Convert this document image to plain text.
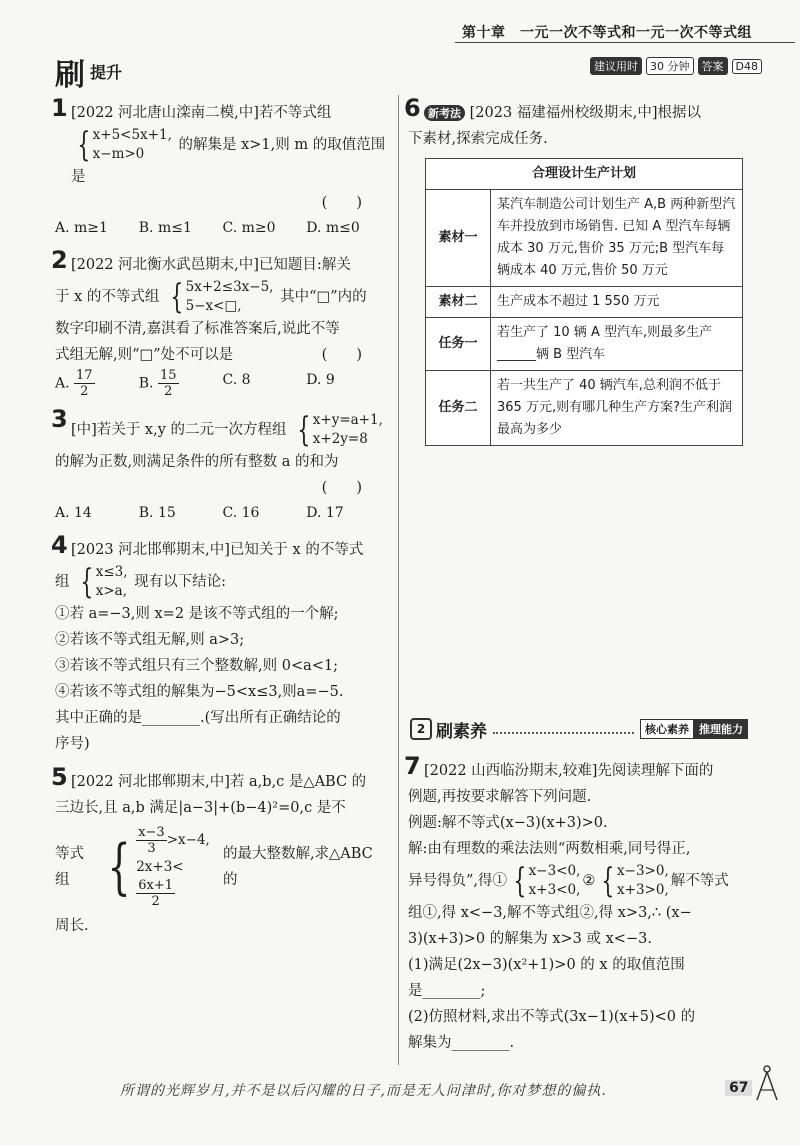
第十章　一元一次不等式和一元一次不等式组
刷 提升	建议用时	30 分钟	答案	D48
1 [2022 河北唐山滦南二模,中]若不等式组
{ x+5<5x+1,
x−m>0
的解集是 x>1,则 m 的取值范围是
(　　)
A. m≥1	B. m≤1	C. m≥0	D. m≤0
2 [2022 河北衡水武邑期末,中]已知题目:解关
于 x 的不等式组 { 5x+2≤3x−5,
5−x<□,
其中“□”内的
数字印刷不清,嘉淇看了标准答案后,说此不等
式组无解,则“□”处不可以是	(　　)
A. $\frac{17}{2}$	B. $\frac{15}{2}$	C. 8	D. 9
3 [中]若关于 x,y 的二元一次方程组 { x+y=a+1,
x+2y=8
的解为正数,则满足条件的所有整数 a 的和为
(　　)
A. 14	B. 15	C. 16	D. 17
4 [2023 河北邯郸期末,中]已知关于 x 的不等式
组 { x≤3,
x>a,
现有以下结论:
①若 a=−3,则 x=2 是该不等式组的一个解;
②若该不等式组无解,则 a>3;
③若该不等式组只有三个整数解,则 0<a<1;
④若该不等式组的解集为−5<x≤3,则a=−5.
其中正确的是________.(写出所有正确结论的
序号)
5 [2022 河北邯郸期末,中]若 a,b,c 是△ABC 的
三边长,且 a,b 满足|a−3|+(b−4)²=0,c 是不
等式组 { $\frac{x-3}{3} >x-4$,
2x+3<
$\frac{6x+1}{2}$
的最大整数解,求△ABC 的
周长.
6 新考法 [2023 福建福州校级期末,中]根据以
下素材,探索完成任务.
合理设计生产计划	
素材一	某汽车制造公司计划生产 A,B 两种新型汽车并投放到市场销售. 已知 A 型汽车每辆成本 30 万元,售价 35 万元;B 型汽车每辆成本 40 万元,售价 50 万元
素材二	生产成本不超过 1 550 万元
任务一	若生产了 10 辆 A 型汽车,则最多生产______辆 B 型汽车
任务二	若一共生产了 40 辆汽车,总利润不低于 365 万元,则有哪几种生产方案?生产利润最高为多少
2 刷素养	核心素养 推理能力
7 [2022 山西临汾期末,较难]先阅读理解下面的
例题,再按要求解答下列问题.
例题:解不等式(x−3)(x+3)>0.
解:由有理数的乘法法则“两数相乘,同号得正,
异号得负”,得① { x−3<0,
x+3<0,
② { x−3>0,
x+3>0,
解不等式
组①,得 x<−3,解不等式组②,得 x>3,∴ (x−
3)(x+3)>0 的解集为 x>3 或 x<−3.
(1)满足(2x−3)(x²+1)>0 的 x 的取值范围
是________;
(2)仿照材料,求出不等式(3x−1)(x+5)<0 的
解集为________.
所谓的光辉岁月,并不是以后闪耀的日子,而是无人问津时,你对梦想的偏执.	67
